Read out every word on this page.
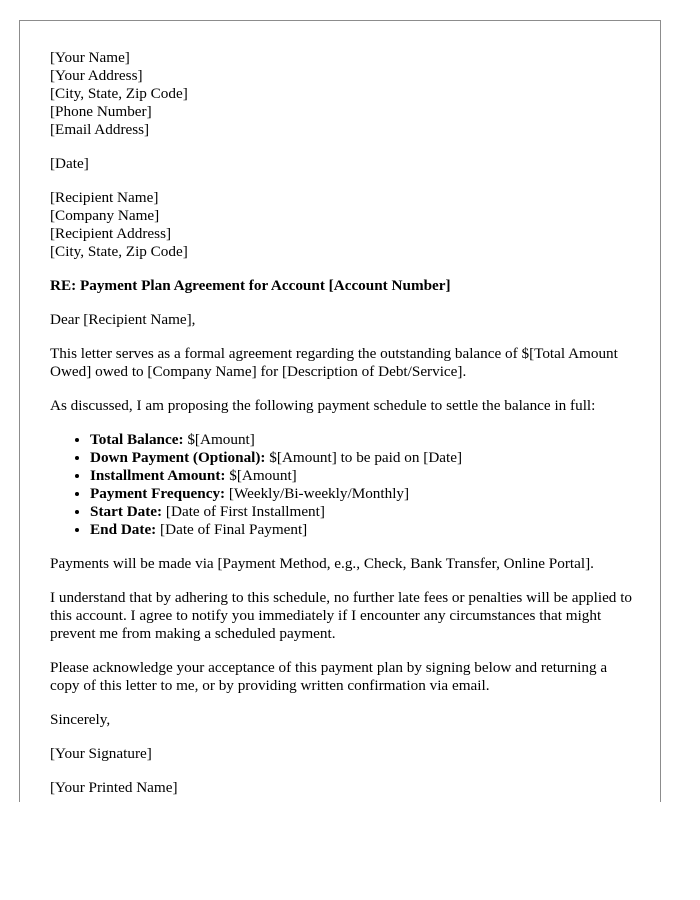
[Your Name]
[Your Address]
[City, State, Zip Code]
[Phone Number]
[Email Address]
[Date]
[Recipient Name]
[Company Name]
[Recipient Address]
[City, State, Zip Code]

RE: Payment Plan Agreement for Account [Account Number]

Dear [Recipient Name],

This letter serves as a formal agreement regarding the outstanding balance of $[Total Amount Owed] owed to [Company Name] for [Description of Debt/Service].

As discussed, I am proposing the following payment schedule to settle the balance in full:

• Total Balance: $[Amount]
• Down Payment (Optional): $[Amount] to be paid on [Date]
• Installment Amount: $[Amount]
• Payment Frequency: [Weekly/Bi-weekly/Monthly]
• Start Date: [Date of First Installment]
• End Date: [Date of Final Payment]

Payments will be made via [Payment Method, e.g., Check, Bank Transfer, Online Portal].

I understand that by adhering to this schedule, no further late fees or penalties will be applied to this account. I agree to notify you immediately if I encounter any circumstances that might prevent me from making a scheduled payment.

Please acknowledge your acceptance of this payment plan by signing below and returning a copy of this letter to me, or by providing written confirmation via email.

Sincerely,

[Your Signature]

[Your Printed Name]
